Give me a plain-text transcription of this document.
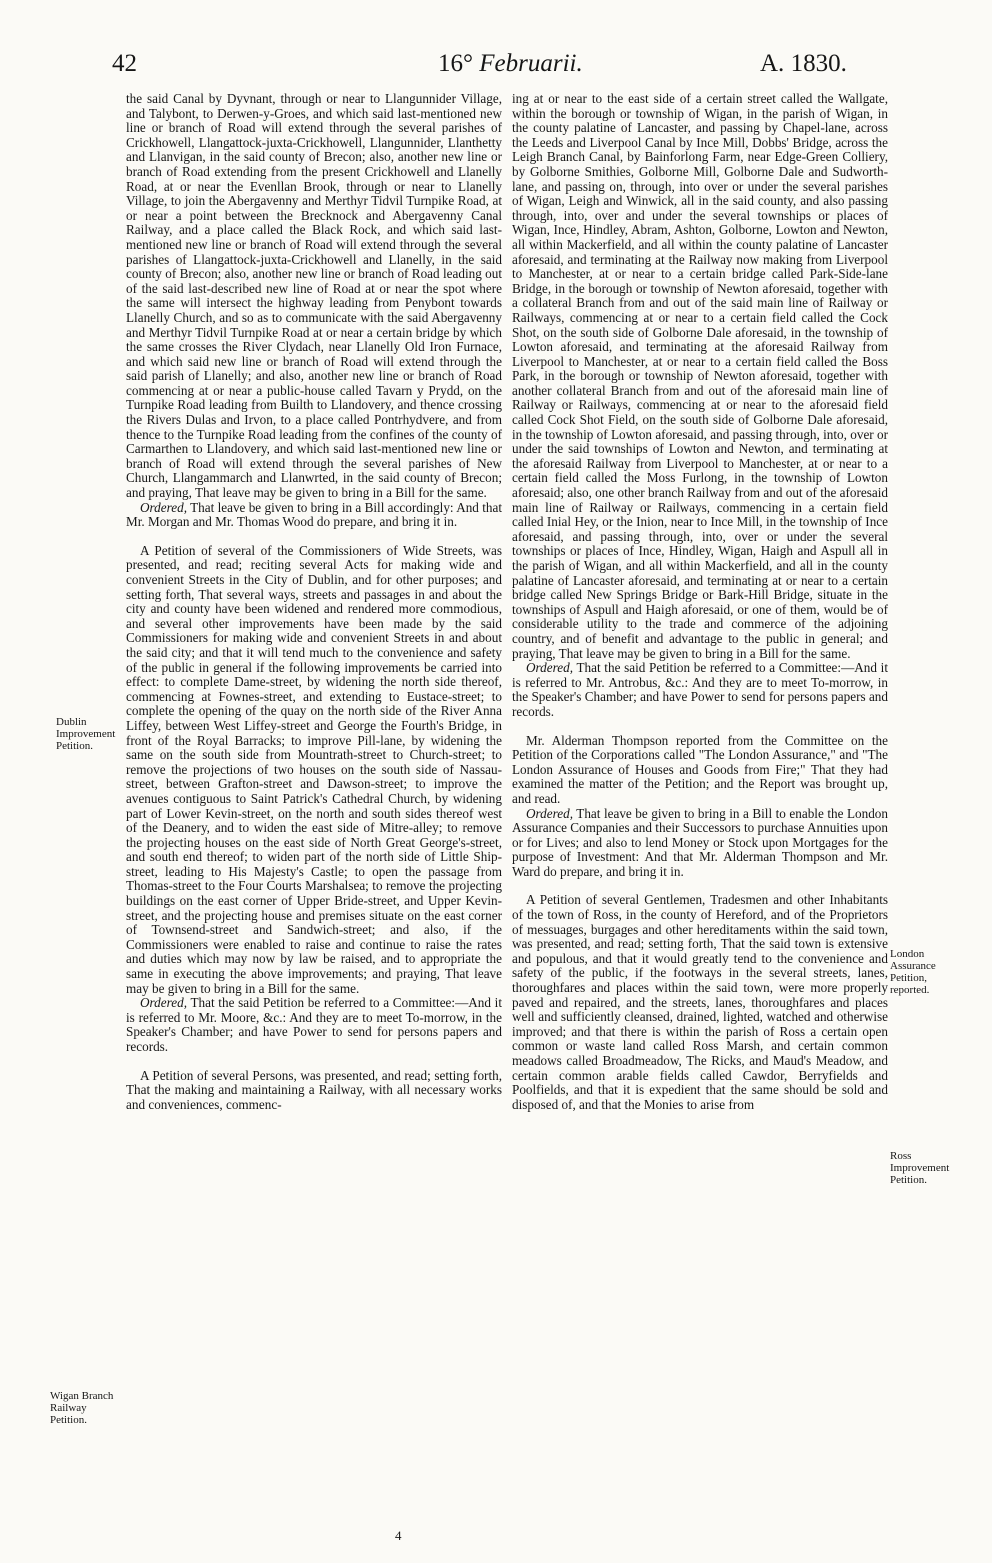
42	16° Februarii.	A. 1830.
Dublin Improvement Petition.
Wigan Branch Railway Petition.
London Assurance Petition, reported.
Ross Improvement Petition.

the said Canal by Dyvnant, through or near to Llangunnider Village, and Talybont, to Derwen-y-Groes, and which said last-mentioned new line or branch of Road will extend through the several parishes of Crickhowell, Llangattock-juxta-Crickhowell, Llangunnider, Llanthetty and Llanvigan, in the said county of Brecon; also, another new line or branch of Road extending from the present Crickhowell and Llanelly Road, at or near the Evenllan Brook, through or near to Llanelly Village, to join the Abergavenny and Merthyr Tidvil Turnpike Road, at or near a point between the Brecknock and Abergavenny Canal Railway, and a place called the Black Rock, and which said last-mentioned new line or branch of Road will extend through the several parishes of Llangattock-juxta-Crickhowell and Llanelly, in the said county of Brecon; also, another new line or branch of Road leading out of the said last-described new line of Road at or near the spot where the same will intersect the highway leading from Penybont towards Llanelly Church, and so as to communicate with the said Abergavenny and Merthyr Tidvil Turnpike Road at or near a certain bridge by which the same crosses the River Clydach, near Llanelly Old Iron Furnace, and which said new line or branch of Road will extend through the said parish of Llanelly; and also, another new line or branch of Road commencing at or near a public-house called Tavarn y Prydd, on the Turnpike Road leading from Builth to Llandovery, and thence crossing the Rivers Dulas and Irvon, to a place called Pontrhydvere, and from thence to the Turnpike Road leading from the confines of the county of Carmarthen to Llandovery, and which said last-mentioned new line or branch of Road will extend through the several parishes of New Church, Llangammarch and Llanwrted, in the said county of Brecon; and praying, That leave may be given to bring in a Bill for the same.

Ordered, That leave be given to bring in a Bill accordingly: And that Mr. Morgan and Mr. Thomas Wood do prepare, and bring it in.

A Petition of several of the Commissioners of Wide Streets, was presented, and read; reciting several Acts for making wide and convenient Streets in the City of Dublin, and for other purposes; and setting forth, That several ways, streets and passages in and about the city and county have been widened and rendered more commodious, and several other improvements have been made by the said Commissioners for making wide and convenient Streets in and about the said city; and that it will tend much to the convenience and safety of the public in general if the following improvements be carried into effect: to complete Dame-street, by widening the north side thereof, commencing at Fownes-street, and extending to Eustace-street; to complete the opening of the quay on the north side of the River Anna Liffey, between West Liffey-street and George the Fourth's Bridge, in front of the Royal Barracks; to improve Pill-lane, by widening the same on the south side from Mountrath-street to Church-street; to remove the projections of two houses on the south side of Nassau-street, between Grafton-street and Dawson-street; to improve the avenues contiguous to Saint Patrick's Cathedral Church, by widening part of Lower Kevin-street, on the north and south sides thereof west of the Deanery, and to widen the east side of Mitre-alley; to remove the projecting houses on the east side of North Great George's-street, and south end thereof; to widen part of the north side of Little Ship-street, leading to His Majesty's Castle; to open the passage from Thomas-street to the Four Courts Marshalsea; to remove the projecting buildings on the east corner of Upper Bride-street, and Upper Kevin-street, and the projecting house and premises situate on the east corner of Townsend-street and Sandwich-street; and also, if the Commissioners were enabled to raise and continue to raise the rates and duties which may now by law be raised, and to appropriate the same in executing the above improvements; and praying, That leave may be given to bring in a Bill for the same.

Ordered, That the said Petition be referred to a Committee:—And it is referred to Mr. Moore, &c.: And they are to meet To-morrow, in the Speaker's Chamber; and have Power to send for persons papers and records.

A Petition of several Persons, was presented, and read; setting forth, That the making and maintaining a Railway, with all necessary works and conveniences, commenc-

ing at or near to the east side of a certain street called the Wallgate, within the borough or township of Wigan, in the parish of Wigan, in the county palatine of Lancaster, and passing by Chapel-lane, across the Leeds and Liverpool Canal by Ince Mill, Dobbs' Bridge, across the Leigh Branch Canal, by Bainforlong Farm, near Edge-Green Colliery, by Golborne Smithies, Golborne Mill, Golborne Dale and Sudworth-lane, and passing on, through, into over or under the several parishes of Wigan, Leigh and Winwick, all in the said county, and also passing through, into, over and under the several townships or places of Wigan, Ince, Hindley, Abram, Ashton, Golborne, Lowton and Newton, all within Mackerfield, and all within the county palatine of Lancaster aforesaid, and terminating at the Railway now making from Liverpool to Manchester, at or near to a certain bridge called Park-Side-lane Bridge, in the borough or township of Newton aforesaid, together with a collateral Branch from and out of the said main line of Railway or Railways, commencing at or near to a certain field called the Cock Shot, on the south side of Golborne Dale aforesaid, in the township of Lowton aforesaid, and terminating at the aforesaid Railway from Liverpool to Manchester, at or near to a certain field called the Boss Park, in the borough or township of Newton aforesaid, together with another collateral Branch from and out of the aforesaid main line of Railway or Railways, commencing at or near to the aforesaid field called Cock Shot Field, on the south side of Golborne Dale aforesaid, in the township of Lowton aforesaid, and passing through, into, over or under the said townships of Lowton and Newton, and terminating at the aforesaid Railway from Liverpool to Manchester, at or near to a certain field called the Moss Furlong, in the township of Lowton aforesaid; also, one other branch Railway from and out of the aforesaid main line of Railway or Railways, commencing in a certain field called Inial Hey, or the Inion, near to Ince Mill, in the township of Ince aforesaid, and passing through, into, over or under the several townships or places of Ince, Hindley, Wigan, Haigh and Aspull all in the parish of Wigan, and all within Mackerfield, and all in the county palatine of Lancaster aforesaid, and terminating at or near to a certain bridge called New Springs Bridge or Bark-Hill Bridge, situate in the townships of Aspull and Haigh aforesaid, or one of them, would be of considerable utility to the trade and commerce of the adjoining country, and of benefit and advantage to the public in general; and praying, That leave may be given to bring in a Bill for the same.

Ordered, That the said Petition be referred to a Committee:—And it is referred to Mr. Antrobus, &c.: And they are to meet To-morrow, in the Speaker's Chamber; and have Power to send for persons papers and records.

Mr. Alderman Thompson reported from the Committee on the Petition of the Corporations called "The London Assurance," and "The London Assurance of Houses and Goods from Fire;" That they had examined the matter of the Petition; and the Report was brought up, and read.

Ordered, That leave be given to bring in a Bill to enable the London Assurance Companies and their Successors to purchase Annuities upon or for Lives; and also to lend Money or Stock upon Mortgages for the purpose of Investment: And that Mr. Alderman Thompson and Mr. Ward do prepare, and bring it in.

A Petition of several Gentlemen, Tradesmen and other Inhabitants of the town of Ross, in the county of Hereford, and of the Proprietors of messuages, burgages and other hereditaments within the said town, was presented, and read; setting forth, That the said town is extensive and populous, and that it would greatly tend to the convenience and safety of the public, if the footways in the several streets, lanes, thoroughfares and places within the said town, were more properly paved and repaired, and the streets, lanes, thoroughfares and places well and sufficiently cleansed, drained, lighted, watched and otherwise improved; and that there is within the parish of Ross a certain open common or waste land called Ross Marsh, and certain common meadows called Broadmeadow, The Ricks, and Maud's Meadow, and certain common arable fields called Cawdor, Berryfields and Poolfields, and that it is expedient that the same should be sold and disposed of, and that the Monies to arise from

4
